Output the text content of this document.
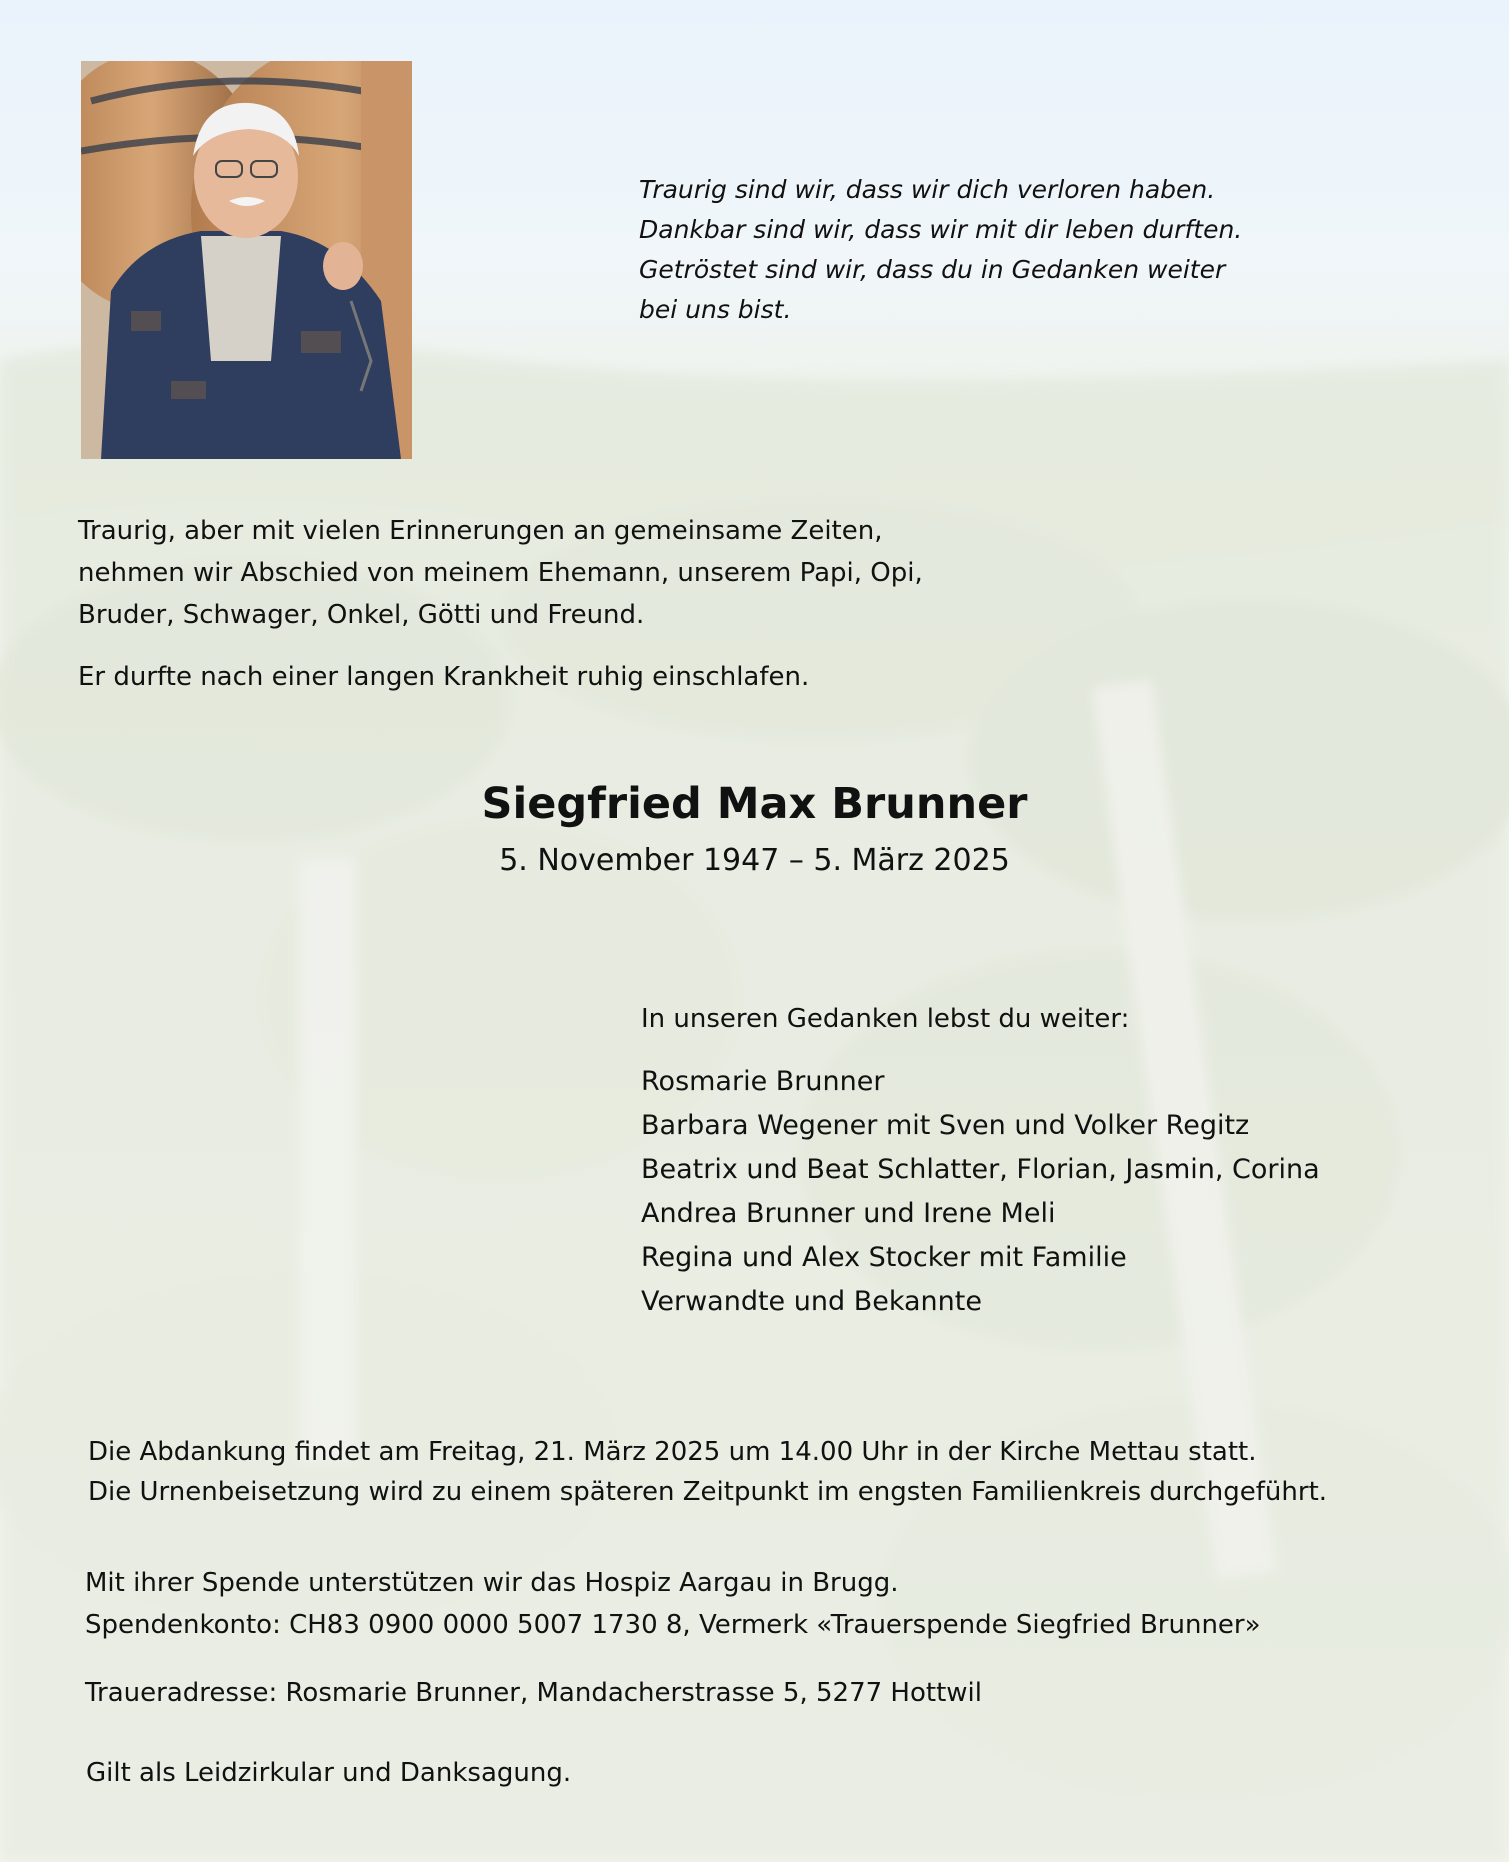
Traurig sind wir, dass wir dich verloren haben.
Dankbar sind wir, dass wir mit dir leben durften.
Getröstet sind wir, dass du in Gedanken weiter
bei uns bist.
Traurig, aber mit vielen Erinnerungen an gemeinsame Zeiten,
nehmen wir Abschied von meinem Ehemann, unserem Papi, Opi,
Bruder, Schwager, Onkel, Götti und Freund.
Er durfte nach einer langen Krankheit ruhig einschlafen.
Siegfried Max Brunner
5. November 1947 – 5. März 2025
In unseren Gedanken lebst du weiter:
Rosmarie Brunner
Barbara Wegener mit Sven und Volker Regitz
Beatrix und Beat Schlatter, Florian, Jasmin, Corina
Andrea Brunner und Irene Meli
Regina und Alex Stocker mit Familie
Verwandte und Bekannte
Die Abdankung findet am Freitag, 21. März 2025 um 14.00 Uhr in der Kirche Mettau statt.
Die Urnenbeisetzung wird zu einem späteren Zeitpunkt im engsten Familienkreis durchgeführt.
Mit ihrer Spende unterstützen wir das Hospiz Aargau in Brugg.
Spendenkonto: CH83 0900 0000 5007 1730 8, Vermerk «Trauerspende Siegfried Brunner»
Traueradresse: Rosmarie Brunner, Mandacherstrasse 5, 5277 Hottwil
Gilt als Leidzirkular und Danksagung.
